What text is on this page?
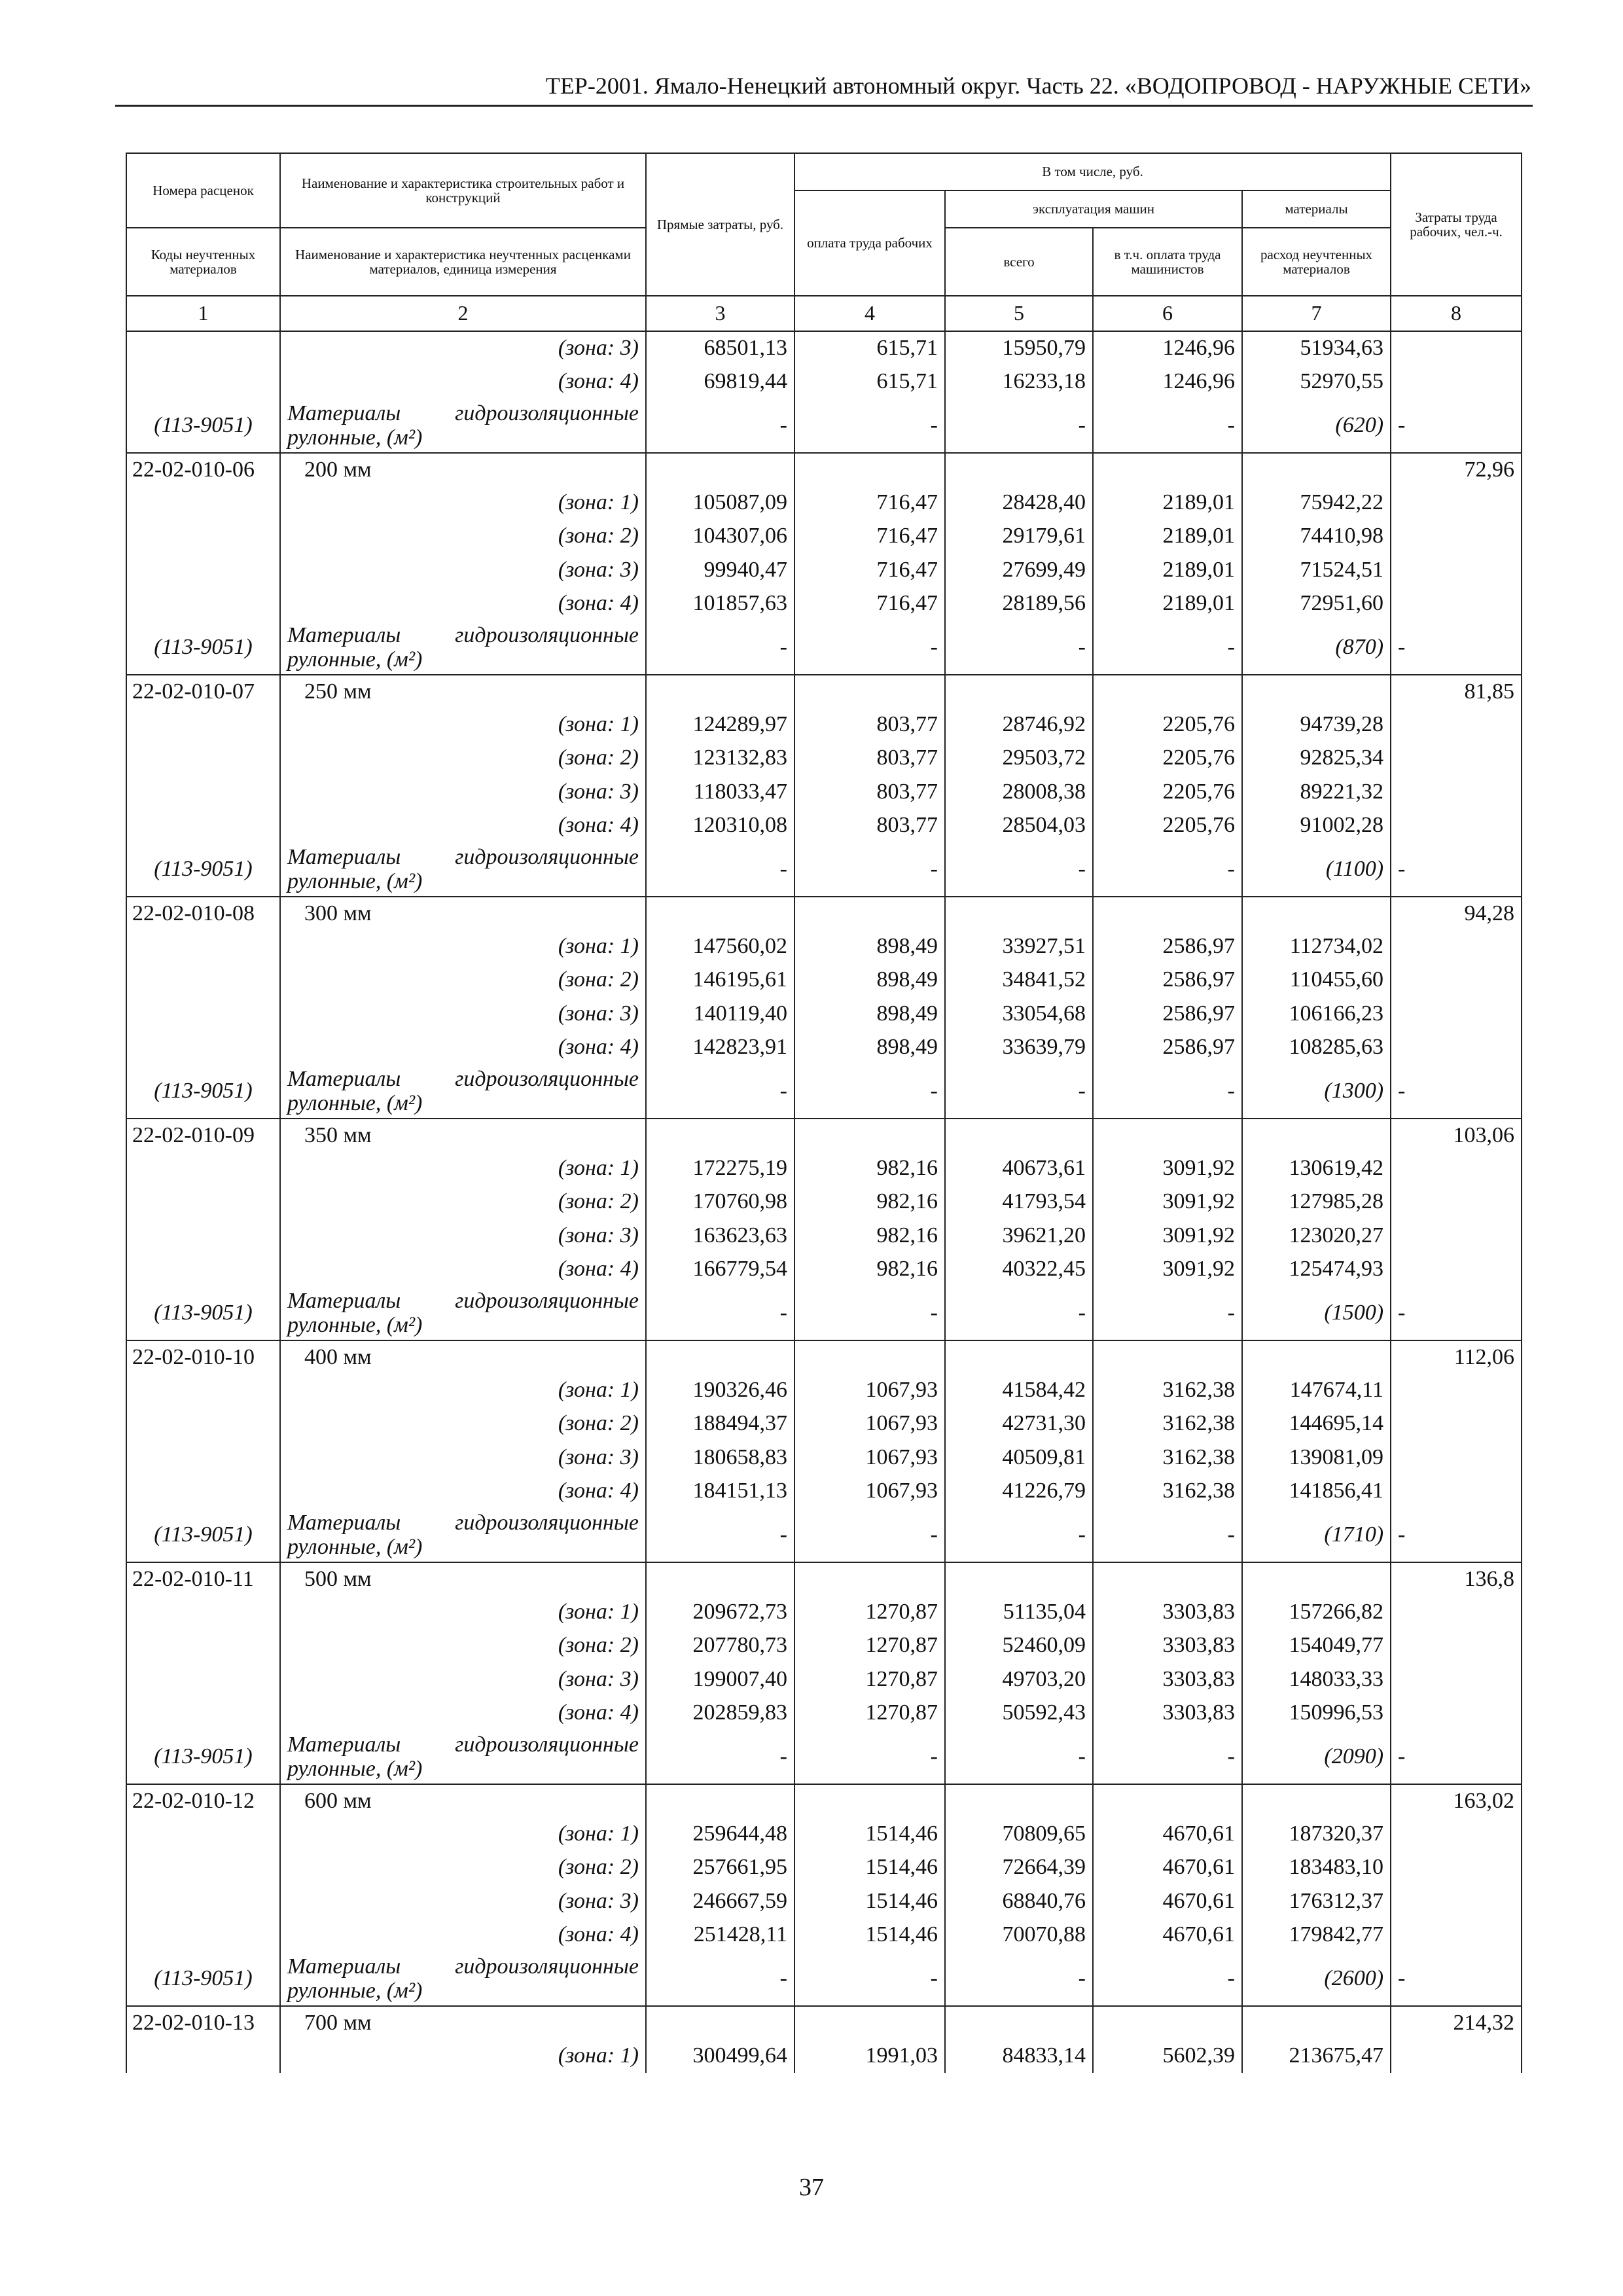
ТЕР-2001. Ямало-Ненецкий автономный округ. Часть 22. «ВОДОПРОВОД - НАРУЖНЫЕ СЕТИ»
Номера расценок	Наименование и характеристика строительных работ и конструкций	Прямые затраты, руб.	В том числе, руб.				Затраты труда рабочих, чел.-ч.
			оплата труда рабочих	эксплуатация машин		материалы	
Коды неучтенных материалов	Наименование и характеристика неучтенных расценками материалов, единица измерения			всего	в т.ч. оплата труда машинистов	расход неучтенных материалов	
1	2	3	4	5	6	7	8
	(зона: 3)	68501,13	615,71	15950,79	1246,96	51934,63	
	(зона: 4)	69819,44	615,71	16233,18	1246,96	52970,55	
(113-9051)	Материалы гидроизоляционные рулонные, (м²)	-	-	-	-	(620)	-
22-02-010-06	200 мм						72,96
	(зона: 1)	105087,09	716,47	28428,40	2189,01	75942,22	
	(зона: 2)	104307,06	716,47	29179,61	2189,01	74410,98	
	(зона: 3)	99940,47	716,47	27699,49	2189,01	71524,51	
	(зона: 4)	101857,63	716,47	28189,56	2189,01	72951,60	
(113-9051)	Материалы гидроизоляционные рулонные, (м²)	-	-	-	-	(870)	-
22-02-010-07	250 мм						81,85
	(зона: 1)	124289,97	803,77	28746,92	2205,76	94739,28	
	(зона: 2)	123132,83	803,77	29503,72	2205,76	92825,34	
	(зона: 3)	118033,47	803,77	28008,38	2205,76	89221,32	
	(зона: 4)	120310,08	803,77	28504,03	2205,76	91002,28	
(113-9051)	Материалы гидроизоляционные рулонные, (м²)	-	-	-	-	(1100)	-
22-02-010-08	300 мм						94,28
	(зона: 1)	147560,02	898,49	33927,51	2586,97	112734,02	
	(зона: 2)	146195,61	898,49	34841,52	2586,97	110455,60	
	(зона: 3)	140119,40	898,49	33054,68	2586,97	106166,23	
	(зона: 4)	142823,91	898,49	33639,79	2586,97	108285,63	
(113-9051)	Материалы гидроизоляционные рулонные, (м²)	-	-	-	-	(1300)	-
22-02-010-09	350 мм						103,06
	(зона: 1)	172275,19	982,16	40673,61	3091,92	130619,42	
	(зона: 2)	170760,98	982,16	41793,54	3091,92	127985,28	
	(зона: 3)	163623,63	982,16	39621,20	3091,92	123020,27	
	(зона: 4)	166779,54	982,16	40322,45	3091,92	125474,93	
(113-9051)	Материалы гидроизоляционные рулонные, (м²)	-	-	-	-	(1500)	-
22-02-010-10	400 мм						112,06
	(зона: 1)	190326,46	1067,93	41584,42	3162,38	147674,11	
	(зона: 2)	188494,37	1067,93	42731,30	3162,38	144695,14	
	(зона: 3)	180658,83	1067,93	40509,81	3162,38	139081,09	
	(зона: 4)	184151,13	1067,93	41226,79	3162,38	141856,41	
(113-9051)	Материалы гидроизоляционные рулонные, (м²)	-	-	-	-	(1710)	-
22-02-010-11	500 мм						136,8
	(зона: 1)	209672,73	1270,87	51135,04	3303,83	157266,82	
	(зона: 2)	207780,73	1270,87	52460,09	3303,83	154049,77	
	(зона: 3)	199007,40	1270,87	49703,20	3303,83	148033,33	
	(зона: 4)	202859,83	1270,87	50592,43	3303,83	150996,53	
(113-9051)	Материалы гидроизоляционные рулонные, (м²)	-	-	-	-	(2090)	-
22-02-010-12	600 мм						163,02
	(зона: 1)	259644,48	1514,46	70809,65	4670,61	187320,37	
	(зона: 2)	257661,95	1514,46	72664,39	4670,61	183483,10	
	(зона: 3)	246667,59	1514,46	68840,76	4670,61	176312,37	
	(зона: 4)	251428,11	1514,46	70070,88	4670,61	179842,77	
(113-9051)	Материалы гидроизоляционные рулонные, (м²)	-	-	-	-	(2600)	-
22-02-010-13	700 мм						214,32
	(зона: 1)	300499,64	1991,03	84833,14	5602,39	213675,47	
37
